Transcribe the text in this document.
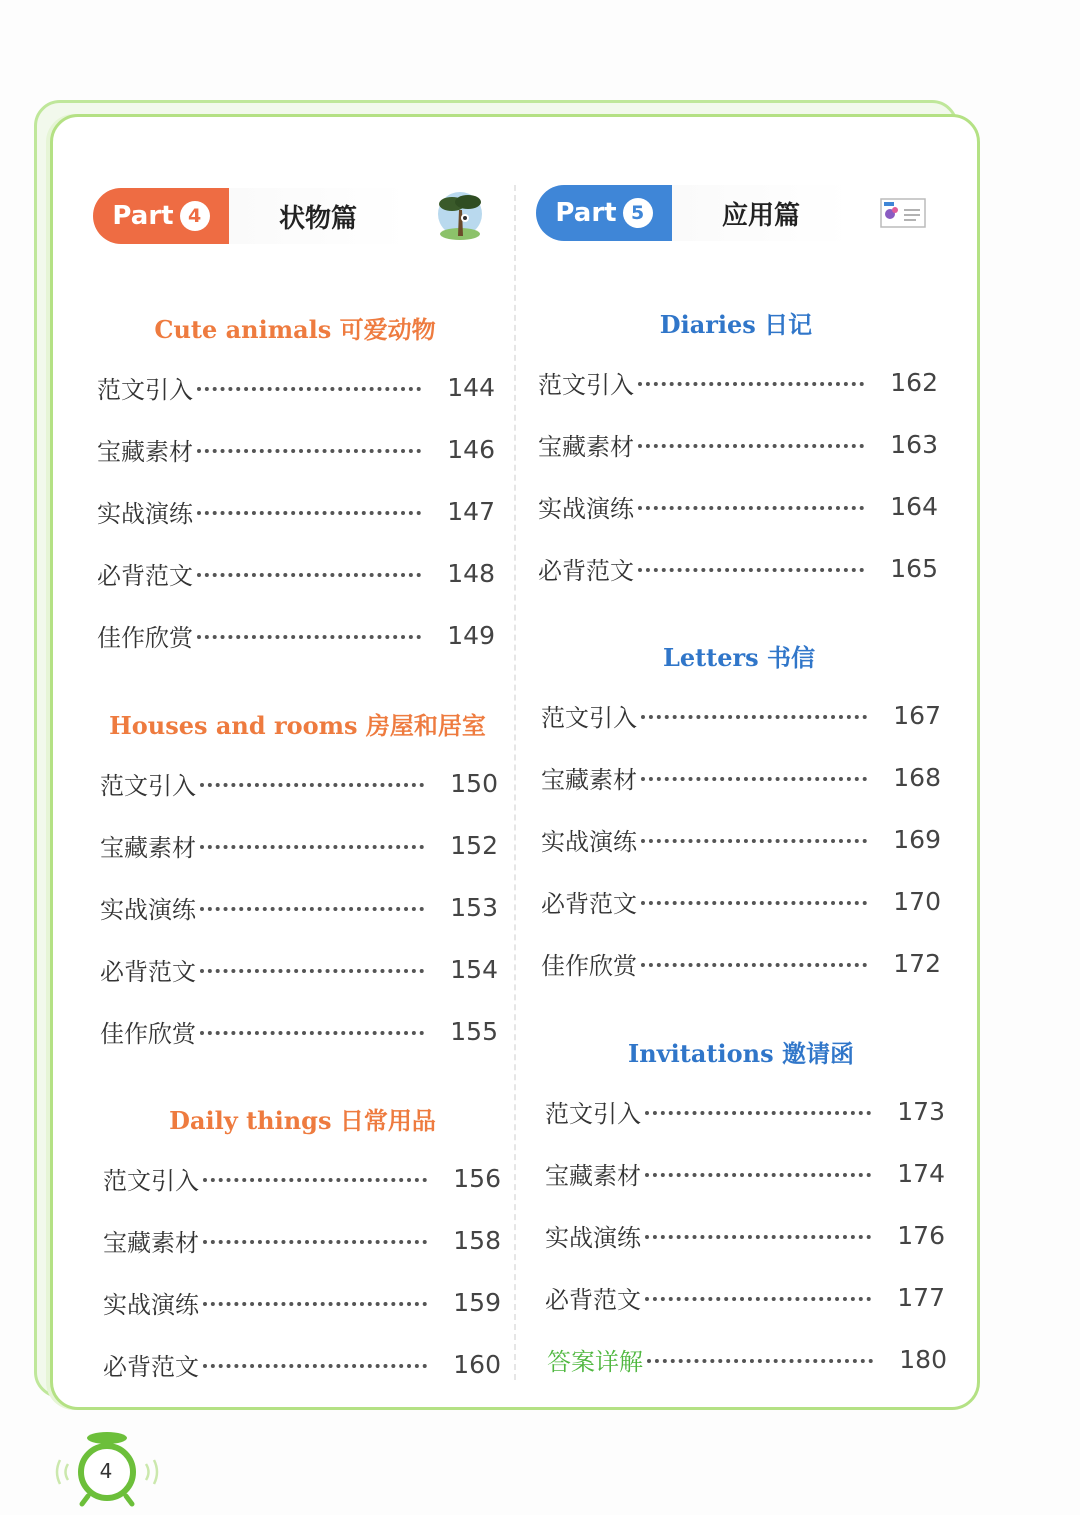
Part 4	状物篇	Part 5	应用篇
Cute animals 可爱动物
范文引入	144
宝藏素材	146
实战演练	147
必背范文	148
佳作欣赏	149
Houses and rooms 房屋和居室
范文引入	150
宝藏素材	152
实战演练	153
必背范文	154
佳作欣赏	155
Daily things 日常用品
范文引入	156
宝藏素材	158
实战演练	159
必背范文	160
Diaries 日记
范文引入	162
宝藏素材	163
实战演练	164
必背范文	165
Letters 书信
范文引入	167
宝藏素材	168
实战演练	169
必背范文	170
佳作欣赏	172
Invitations 邀请函
范文引入	173
宝藏素材	174
实战演练	176
必背范文	177
答案详解	180
4
